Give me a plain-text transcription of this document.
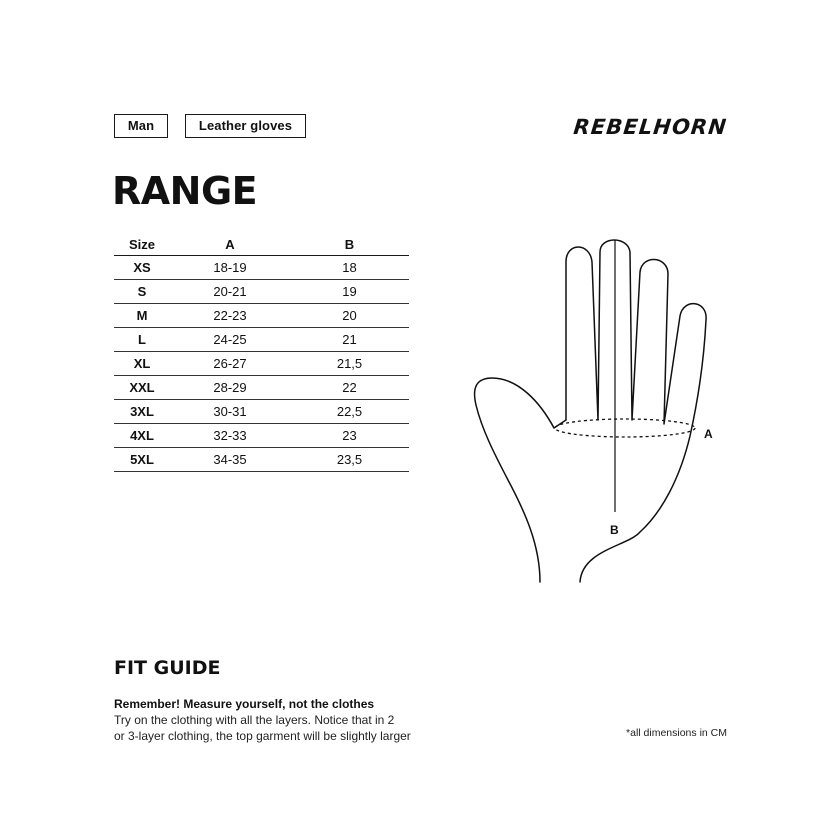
Man	Leather gloves	REBELHORN
RANGE
Size	A	B
XS	18-19	18
S	20-21	19
M	22-23	20
L	24-25	21
XL	26-27	21,5
XXL	28-29	22
3XL	30-31	22,5
4XL	32-33	23
5XL	34-35	23,5
A
B
FIT GUIDE
Remember! Measure yourself, not the clothes
Try on the clothing with all the layers. Notice that in 2
or 3-layer clothing, the top garment will be slightly larger	*all dimensions in CM
